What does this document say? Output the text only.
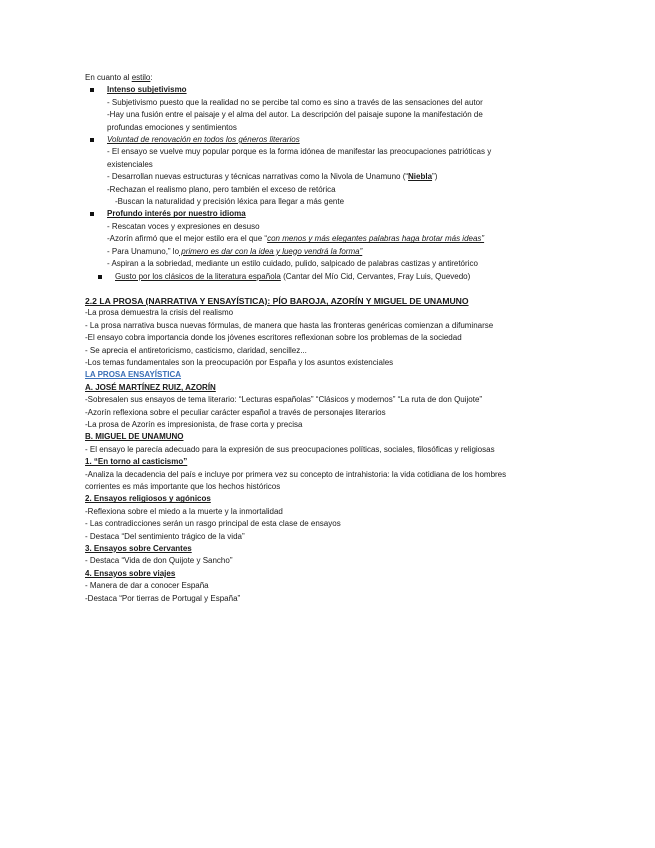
En cuanto al estilo:
Intenso subjetivismo
- Subjetivismo puesto que la realidad no se percibe tal como es sino a través de las sensaciones del autor
-Hay una fusión entre el paisaje y el alma del autor. La descripción del paisaje supone la manifestación de profundas emociones y sentimientos
Voluntad de renovación en todos los géneros literarios
- El ensayo se vuelve muy popular porque es la forma idónea de manifestar las preocupaciones patrióticas y existenciales
- Desarrollan nuevas estructuras y técnicas narrativas como la Nivola de Unamuno (“Niebla”)
-Rechazan el realismo plano, pero también el exceso de retórica
-Buscan la naturalidad y precisión léxica para llegar a más gente
Profundo interés por nuestro idioma
- Rescatan voces y expresiones en desuso
-Azorín afirmó que el mejor estilo era el que “con menos y más elegantes palabras haga brotar más ideas”
- Para Unamuno,” lo primero es dar con la idea y luego vendrá la forma”
- Aspiran a la sobriedad, mediante un estilo cuidado, pulido, salpicado de palabras castizas y antiretórico
Gusto por los clásicos de la literatura española (Cantar del Mío Cid, Cervantes, Fray Luis, Quevedo)
2.2 LA PROSA (NARRATIVA Y ENSAYÍSTICA): PÍO BAROJA, AZORÍN Y MIGUEL DE UNAMUNO
-La prosa demuestra la crisis del realismo
- La prosa narrativa busca nuevas fórmulas, de manera que hasta las fronteras genéricas comienzan a difuminarse
-El ensayo cobra importancia donde los jóvenes escritores reflexionan sobre los problemas de la sociedad
- Se aprecia el antiretoricismo, casticismo, claridad, sencillez...
-Los temas fundamentales son la preocupación por España y los asuntos existenciales
LA PROSA ENSAYÍSTICA
A. JOSÉ MARTÍNEZ RUIZ, AZORÍN
-Sobresalen sus ensayos de tema literario: “Lecturas españolas” “Clásicos y modernos” “La ruta de don Quijote”
-Azorín reflexiona sobre el peculiar carácter español a través de personajes literarios
-La prosa de Azorín es impresionista, de frase corta y precisa
B. MIGUEL DE UNAMUNO
- El ensayo le parecía adecuado para la expresión de sus preocupaciones políticas, sociales, filosóficas y religiosas
1. “En torno al casticismo”
-Analiza la decadencia del país e incluye por primera vez su concepto de intrahistoria: la vida cotidiana de los hombres corrientes es más importante que los hechos históricos
2. Ensayos religiosos y agónicos
-Reflexiona sobre el miedo a la muerte y la inmortalidad
- Las contradicciones serán un rasgo principal de esta clase de ensayos
- Destaca “Del sentimiento trágico de la vida”
3. Ensayos sobre Cervantes
- Destaca “Vida de don Quijote y Sancho”
4. Ensayos sobre viajes
- Manera de dar a conocer España
-Destaca “Por tierras de Portugal y España”
